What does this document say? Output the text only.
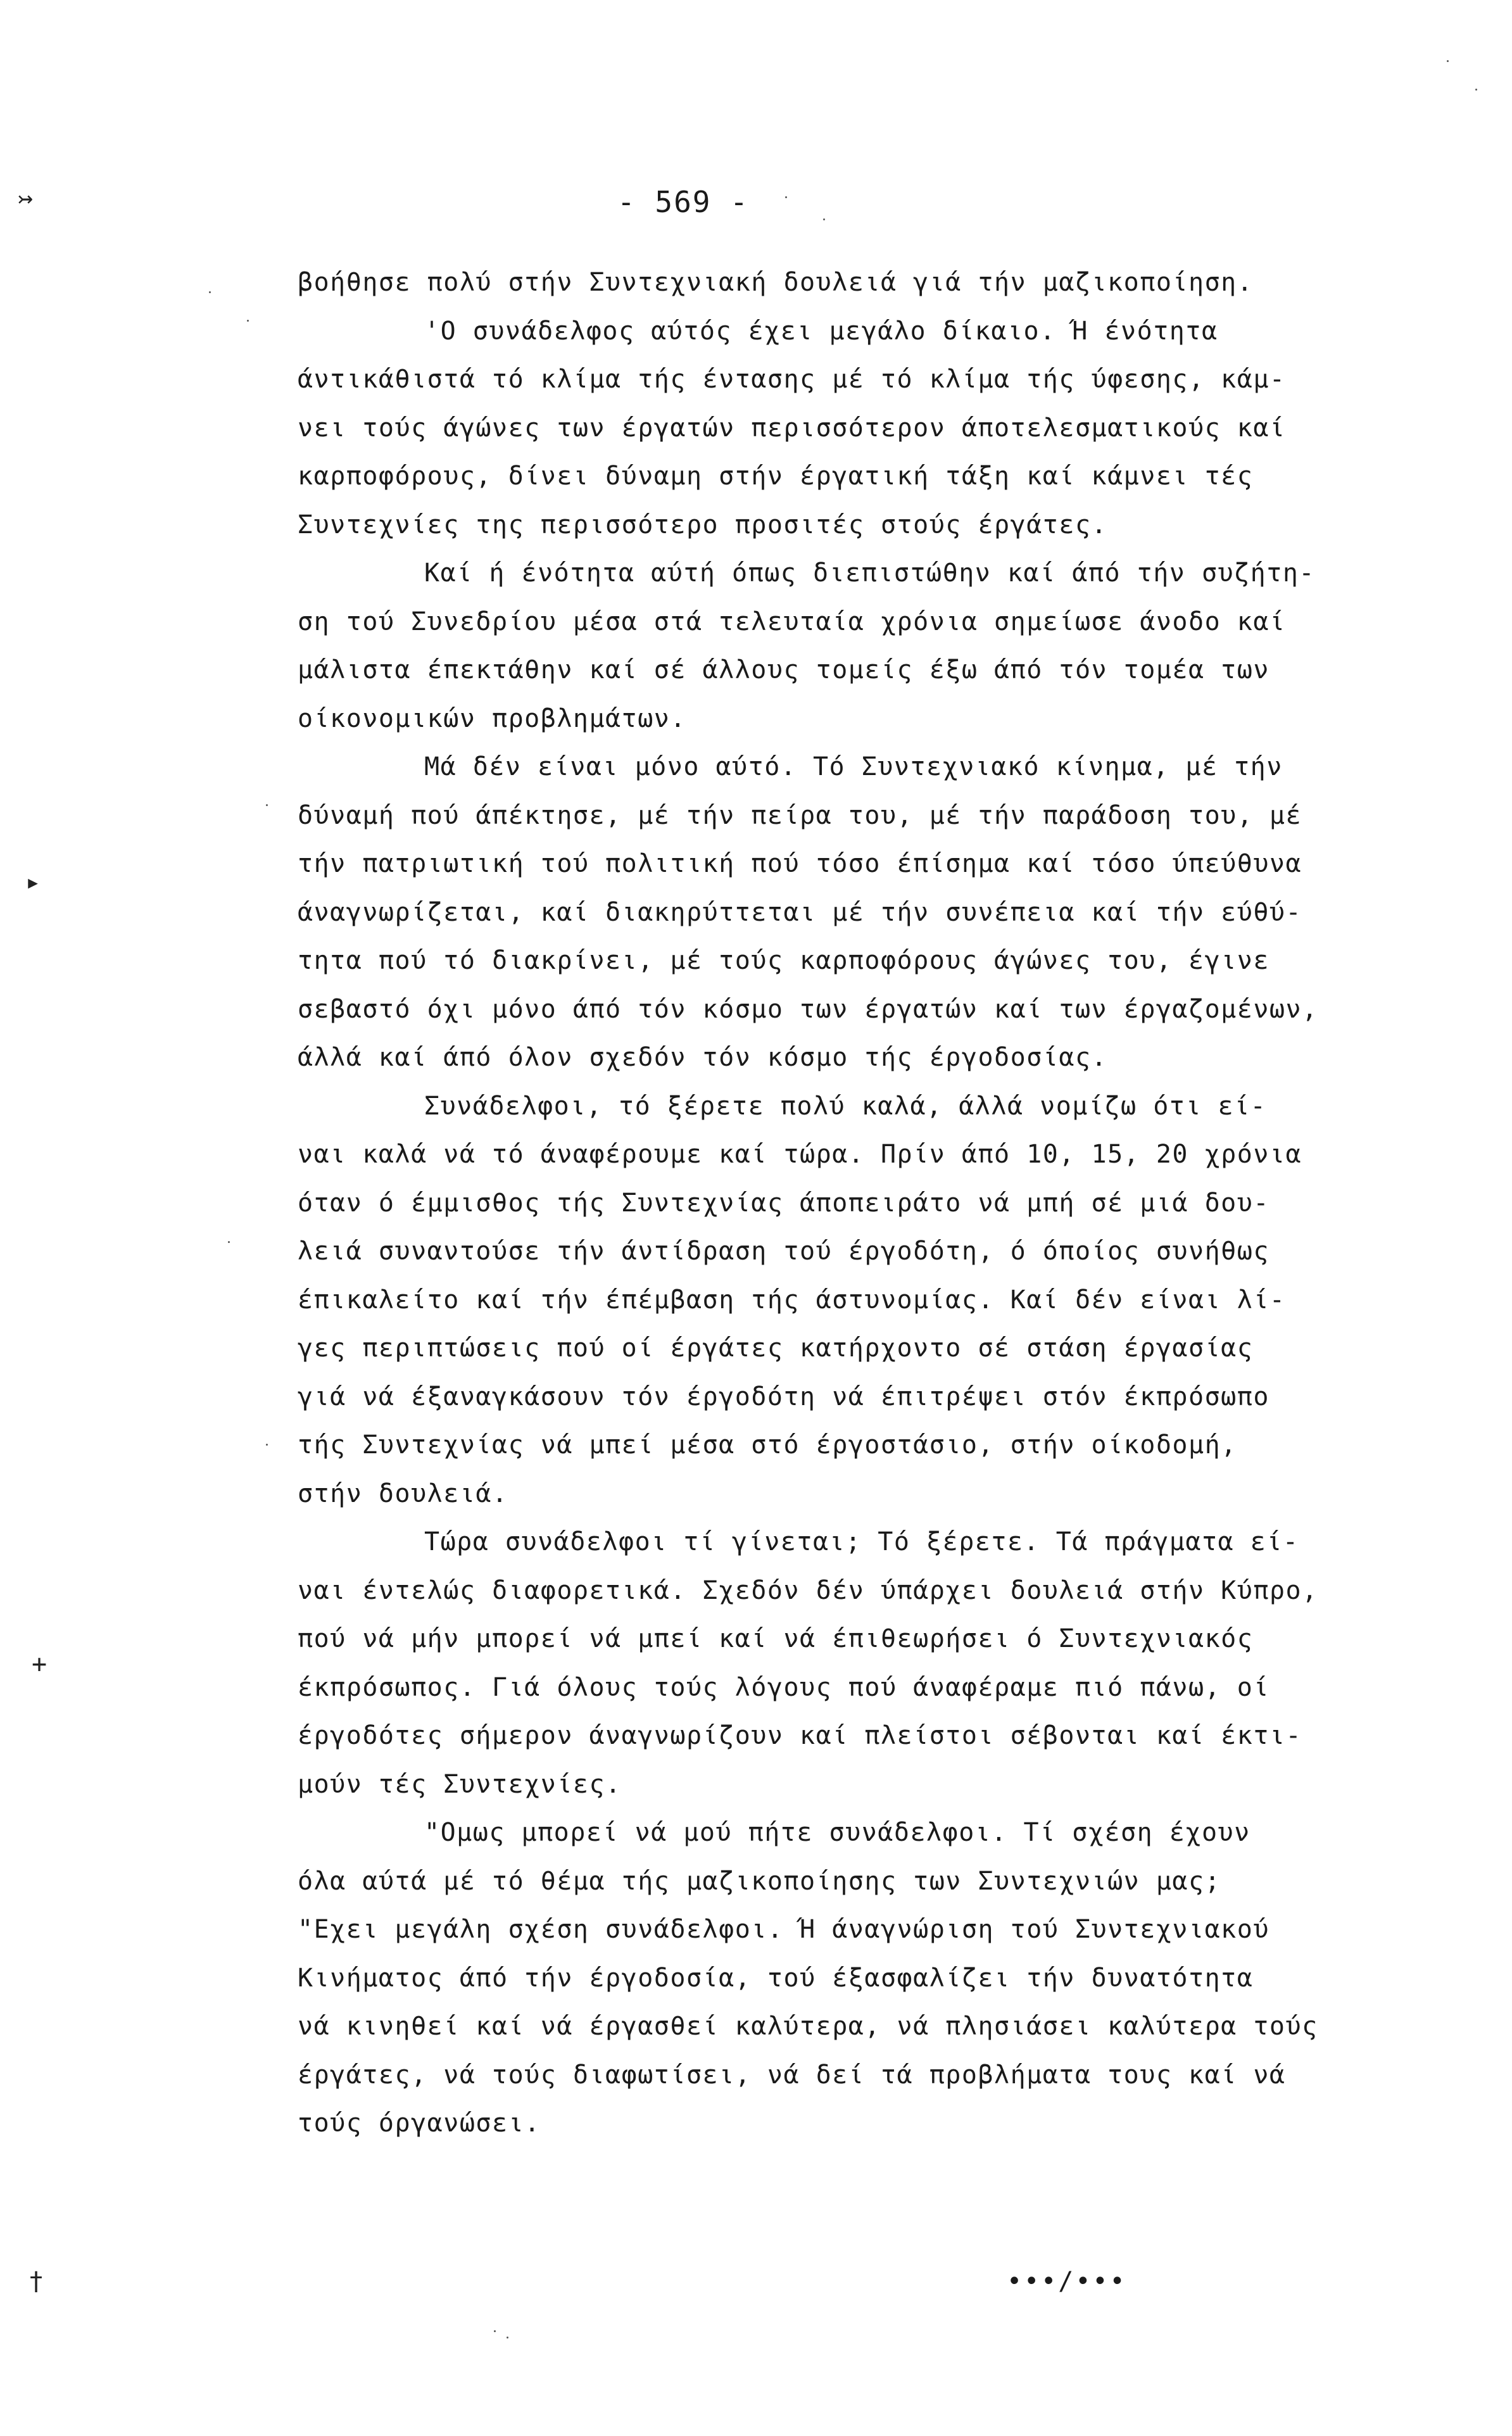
↣
▸
+
†
- 569 -
βοήθησε πολύ στήν Συντεχνιακή δουλειά γιά τήν μαζικοποίηση.
'Ο συνάδελφος αύτός έχει μεγάλο δίκαιο. Ή ένότητα
άντικάθιστά τό κλίμα τής έντασης μέ τό κλίμα τής ύφεσης, κάμ-
νει τούς άγώνες των έργατών περισσότερον άποτελεσματικούς καί
καρποφόρους, δίνει δύναμη στήν έργατική τάξη καί κάμνει τές
Συντεχνίες της περισσότερο προσιτές στούς έργάτες.
Καί ή ένότητα αύτή όπως διεπιστώθην καί άπό τήν συζήτη-
ση τού Συνεδρίου μέσα στά τελευταία χρόνια σημείωσε άνοδο καί
μάλιστα έπεκτάθην καί σέ άλλους τομείς έξω άπό τόν τομέα των
οίκονομικών προβλημάτων.
Μά δέν είναι μόνο αύτό. Τό Συντεχνιακό κίνημα, μέ τήν
δύναμή πού άπέκτησε, μέ τήν πείρα του, μέ τήν παράδοση του, μέ
τήν πατριωτική τού πολιτική πού τόσο έπίσημα καί τόσο ύπεύθυνα
άναγνωρίζεται, καί διακηρύττεται μέ τήν συνέπεια καί τήν εύθύ-
τητα πού τό διακρίνει, μέ τούς καρποφόρους άγώνες του, έγινε
σεβαστό όχι μόνο άπό τόν κόσμο των έργατών καί των έργαζομένων,
άλλά καί άπό όλον σχεδόν τόν κόσμο τής έργοδοσίας.
Συνάδελφοι, τό ξέρετε πολύ καλά, άλλά νομίζω ότι εί-
ναι καλά νά τό άναφέρουμε καί τώρα. Πρίν άπό 10, 15, 20 χρόνια
όταν ό έμμισθος τής Συντεχνίας άποπειράτο νά μπή σέ μιά δου-
λειά συναντούσε τήν άντίδραση τού έργοδότη, ό όποίος συνήθως
έπικαλείτο καί τήν έπέμβαση τής άστυνομίας. Καί δέν είναι λί-
γες περιπτώσεις πού οί έργάτες κατήρχοντο σέ στάση έργασίας
γιά νά έξαναγκάσουν τόν έργοδότη νά έπιτρέψει στόν έκπρόσωπο
τής Συντεχνίας νά μπεί μέσα στό έργοστάσιο, στήν οίκοδομή,
στήν δουλειά.
Τώρα συνάδελφοι τί γίνεται; Τό ξέρετε. Τά πράγματα εί-
ναι έντελώς διαφορετικά. Σχεδόν δέν ύπάρχει δουλειά στήν Κύπρο,
πού νά μήν μπορεί νά μπεί καί νά έπιθεωρήσει ό Συντεχνιακός
έκπρόσωπος. Γιά όλους τούς λόγους πού άναφέραμε πιό πάνω, οί
έργοδότες σήμερον άναγνωρίζουν καί πλείστοι σέβονται καί έκτι-
μούν τές Συντεχνίες.
"Ομως μπορεί νά μού πήτε συνάδελφοι. Τί σχέση έχουν
όλα αύτά μέ τό θέμα τής μαζικοποίησης των Συντεχνιών μας;
"Εχει μεγάλη σχέση συνάδελφοι. Ή άναγνώριση τού Συντεχνιακού
Κινήματος άπό τήν έργοδοσία, τού έξασφαλίζει τήν δυνατότητα
νά κινηθεί καί νά έργασθεί καλύτερα, νά πλησιάσει καλύτερα τούς
έργάτες, νά τούς διαφωτίσει, νά δεί τά προβλήματα τους καί νά
τούς όργανώσει.
•••/•••
